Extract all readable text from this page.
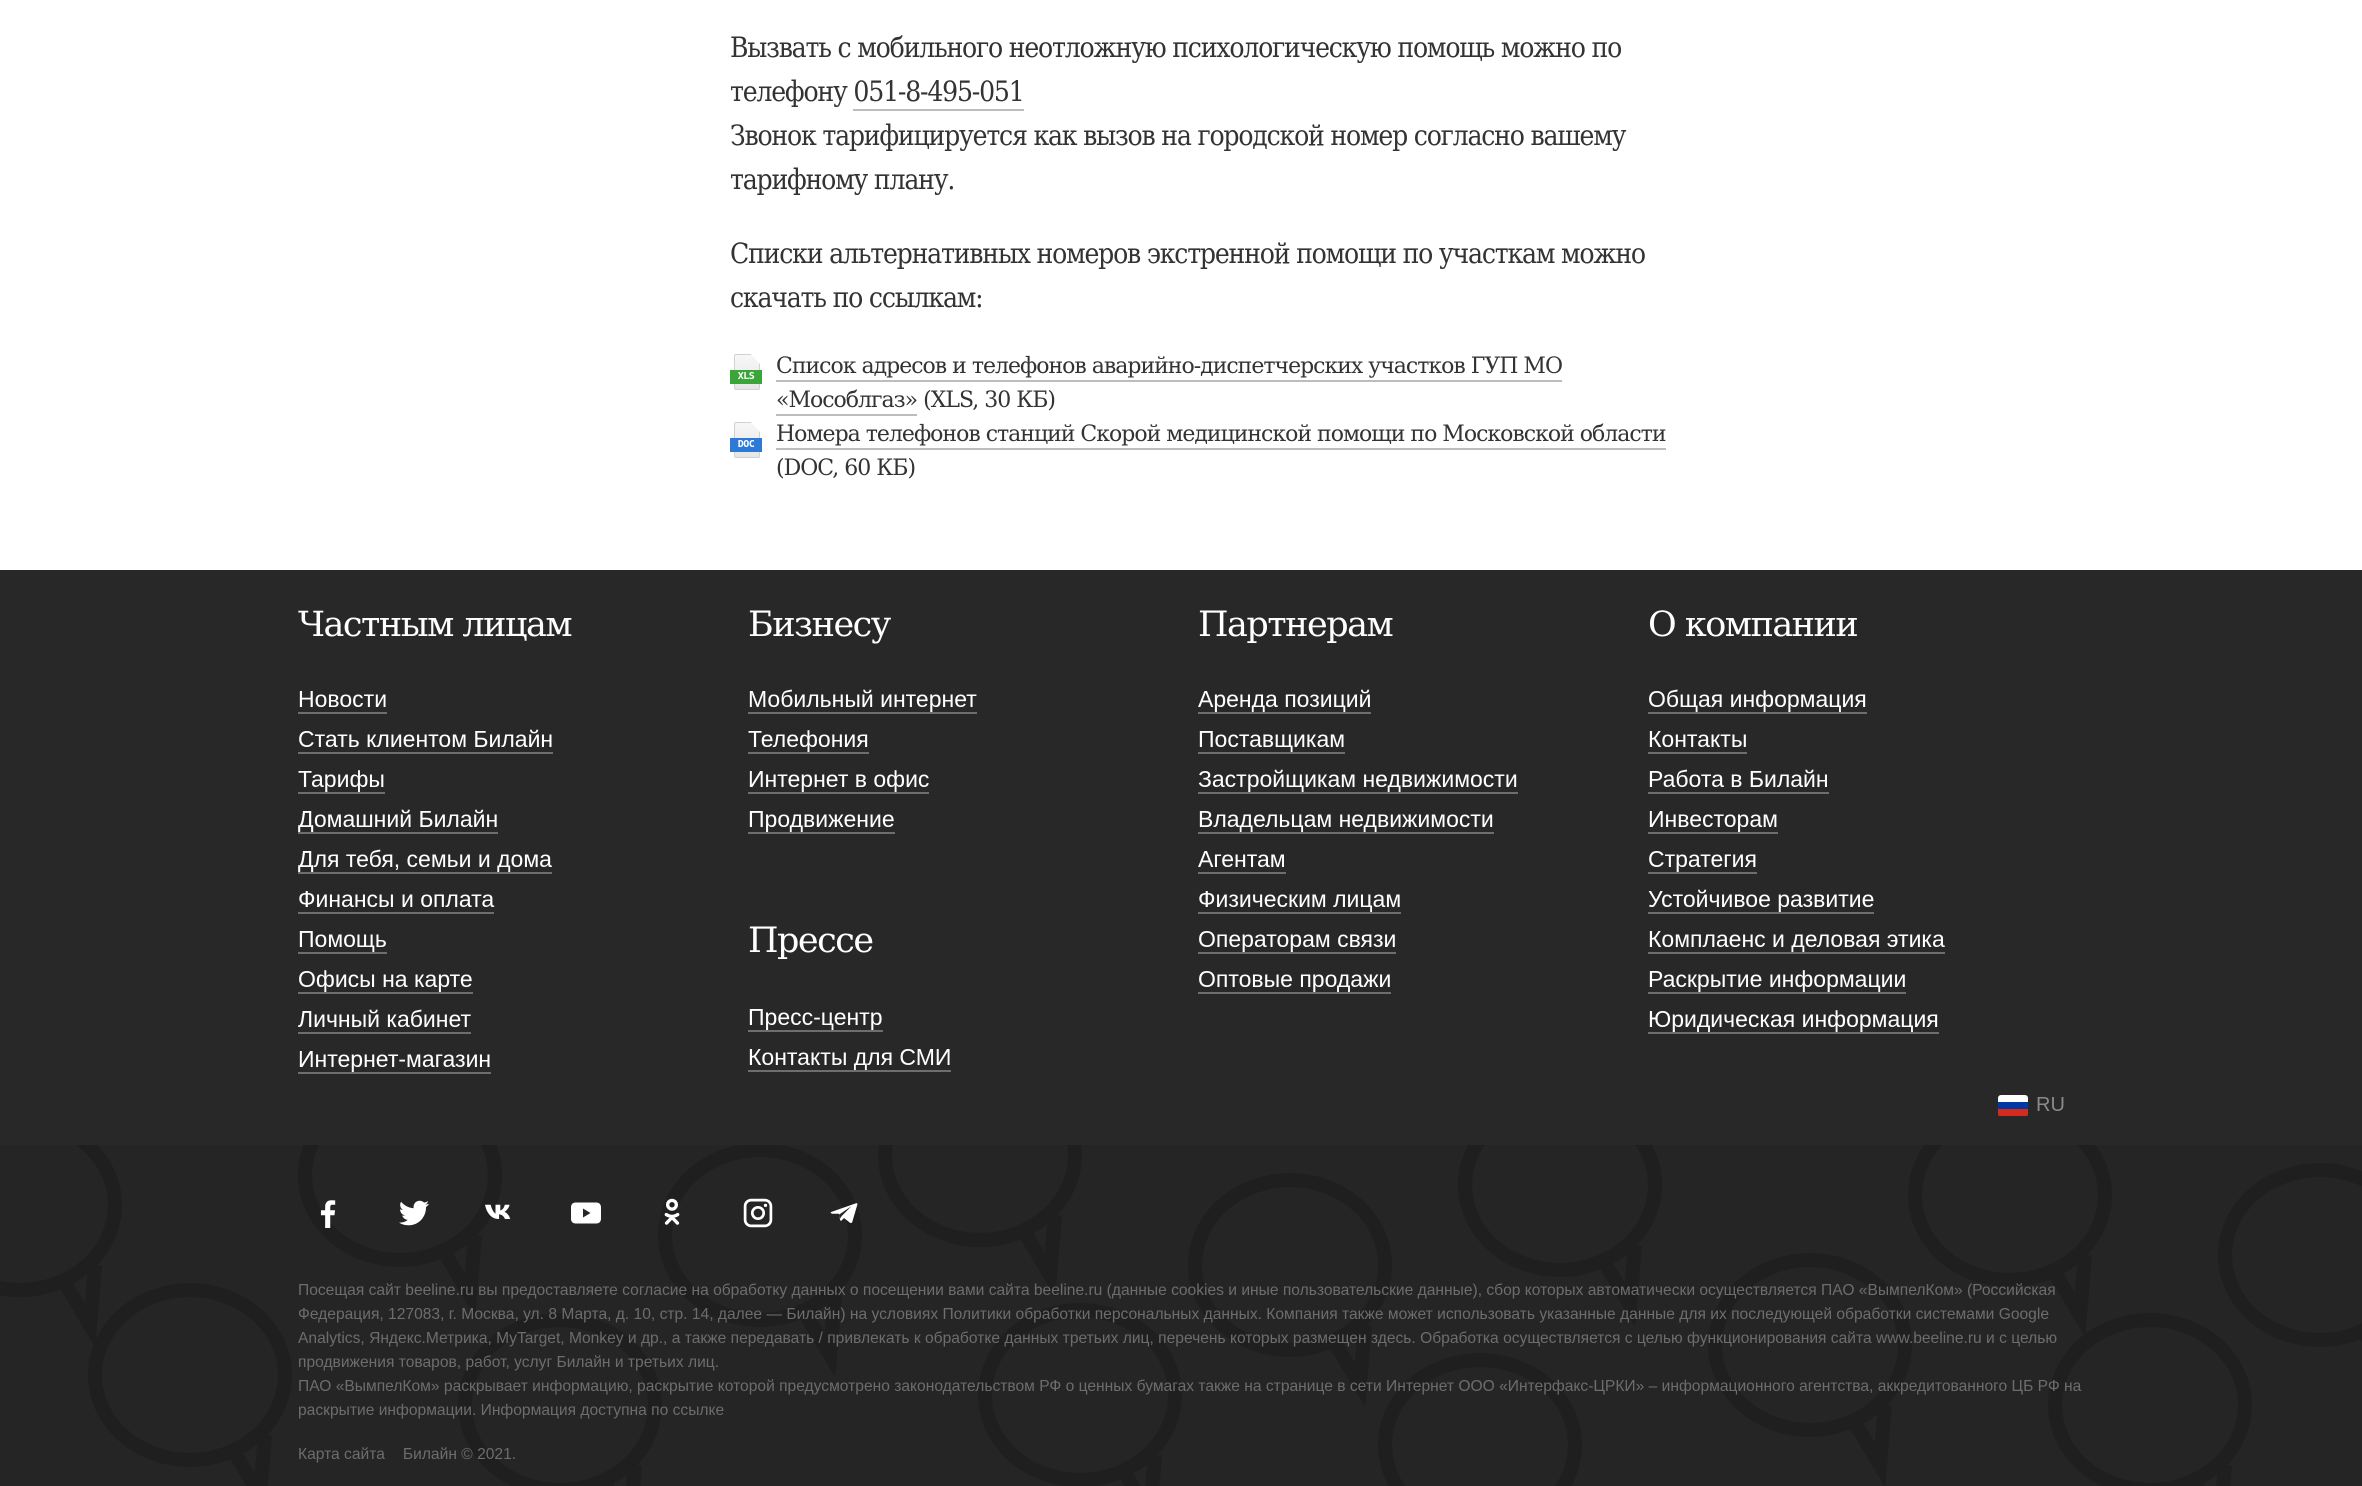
Вызвать с мобильного неотложную психологическую помощь можно по телефону 051-8-495-051
Звонок тарифицируется как вызов на городской номер согласно вашему тарифному плану.

Списки альтернативных номеров экстренной помощи по участкам можно скачать по ссылкам:

XLS Список адресов и телефонов аварийно-диспетчерских участков ГУП МО «Мособлгаз» (XLS, 30 КБ)
DOC Номера телефонов станций Скорой медицинской помощи по Московской области (DOC, 60 КБ)
Частным лицам
Новости
Стать клиентом Билайн
Тарифы
Домашний Билайн
Для тебя, семьи и дома
Финансы и оплата
Помощь
Офисы на карте
Личный кабинет
Интернет-магазин
Бизнесу
Мобильный интернет
Телефония
Интернет в офис
Продвижение
Прессе
Пресс-центр
Контакты для СМИ
Партнерам
Аренда позиций
Поставщикам
Застройщикам недвижимости
Владельцам недвижимости
Агентам
Физическим лицам
Операторам связи
Оптовые продажи
О компании
Общая информация
Контакты
Работа в Билайн
Инвесторам
Стратегия
Устойчивое развитие
Комплаенс и деловая этика
Раскрытие информации
Юридическая информация
RU

Посещая сайт beeline.ru вы предоставляете согласие на обработку данных о посещении вами сайта beeline.ru (данные cookies и иные пользовательские данные), сбор которых автоматически осуществляется ПАО «ВымпелКом» (Российская Федерация, 127083, г. Москва, ул. 8 Марта, д. 10, стр. 14, далее — Билайн) на условиях Политики обработки персональных данных. Компания также может использовать указанные данные для их последующей обработки системами Google Analytics, Яндекс.Метрика, MyTarget, Monkey и др., а также передавать / привлекать к обработке данных третьих лиц, перечень которых размещен здесь. Обработка осуществляется с целью функционирования сайта www.beeline.ru и с целью продвижения товаров, работ, услуг Билайн и третьих лиц.

ПАО «ВымпелКом» раскрывает информацию, раскрытие которой предусмотрено законодательством РФ о ценных бумагах также на странице в сети Интернет ООО «Интерфакс-ЦРКИ» – информационного агентства, аккредитованного ЦБ РФ на раскрытие информации. Информация доступна по ссылке

Карта сайта Билайн © 2021.
